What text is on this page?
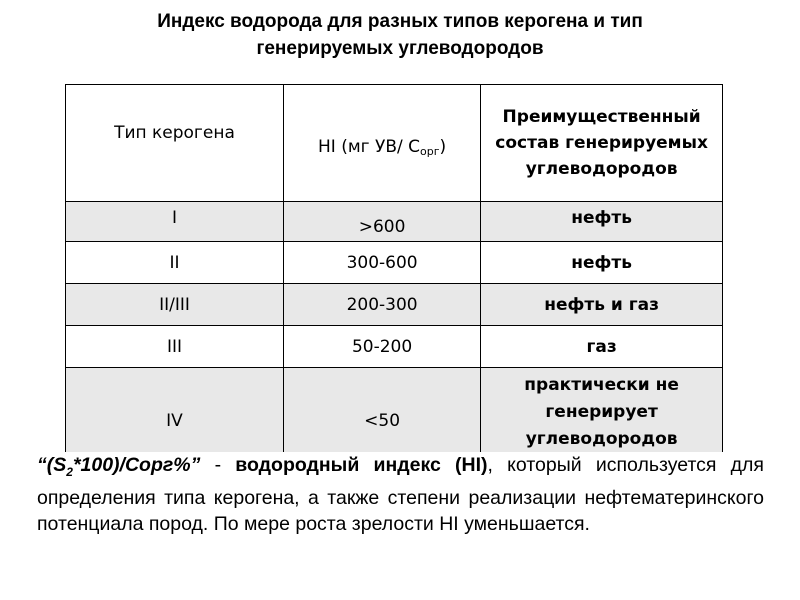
Индекс водорода для разных типов керогена и тип
генерируемых углеводородов
Тип керогена	HI (мг УВ/ $С_{орг}$)	Преимущественный состав генерируемых углеводородов
I	>600	нефть
II	300-600	нефть
II/III	200-300	нефть и газ
III	50-200	газ
IV	<50	практически не генерирует углеводородов
“$(S_2*100)/Сорг\%$” - водородный индекс (HI), который используется для определения типа керогена, а также степени реализации нефтематеринского потенциала пород. По мере роста зрелости HI уменьшается.
